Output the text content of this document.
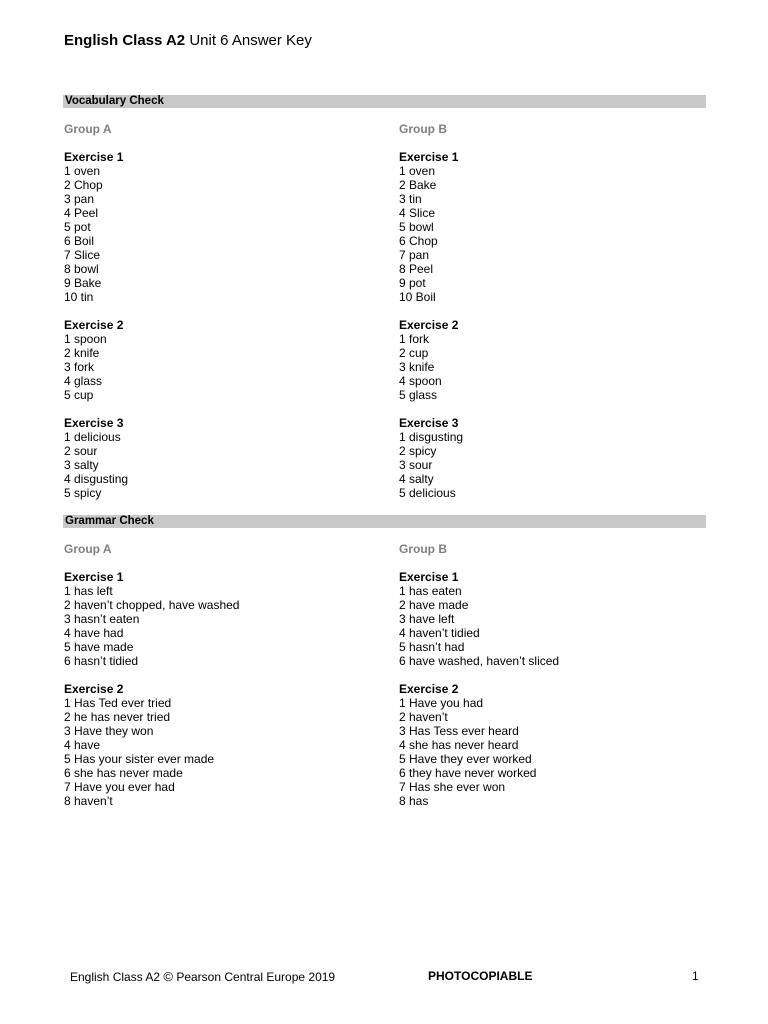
English Class A2 Unit 6 Answer Key
Vocabulary Check
Group A
Exercise 1
1 oven
2 Chop
3 pan
4 Peel
5 pot
6 Boil
7 Slice
8 bowl
9 Bake
10 tin
Exercise 2
1 spoon
2 knife
3 fork
4 glass
5 cup
Exercise 3
1 delicious
2 sour
3 salty
4 disgusting
5 spicy
Group B
Exercise 1
1 oven
2 Bake
3 tin
4 Slice
5 bowl
6 Chop
7 pan
8 Peel
9 pot
10 Boil
Exercise 2
1 fork
2 cup
3 knife
4 spoon
5 glass
Exercise 3
1 disgusting
2 spicy
3 sour
4 salty
5 delicious
Grammar Check
Group A
Exercise 1
1 has left
2 haven’t chopped, have washed
3 hasn’t eaten
4 have had
5 have made
6 hasn’t tidied
Exercise 2
1 Has Ted ever tried
2 he has never tried
3 Have they won
4 have
5 Has your sister ever made
6 she has never made
7 Have you ever had
8 haven’t
Group B
Exercise 1
1 has eaten
2 have made
3 have left
4 haven’t tidied
5 hasn’t had
6 have washed, haven’t sliced
Exercise 2
1 Have you had
2 haven’t
3 Has Tess ever heard
4 she has never heard
5 Have they ever worked
6 they have never worked
7 Has she ever won
8 has
English Class A2 © Pearson Central Europe 2019	PHOTOCOPIABLE	1
